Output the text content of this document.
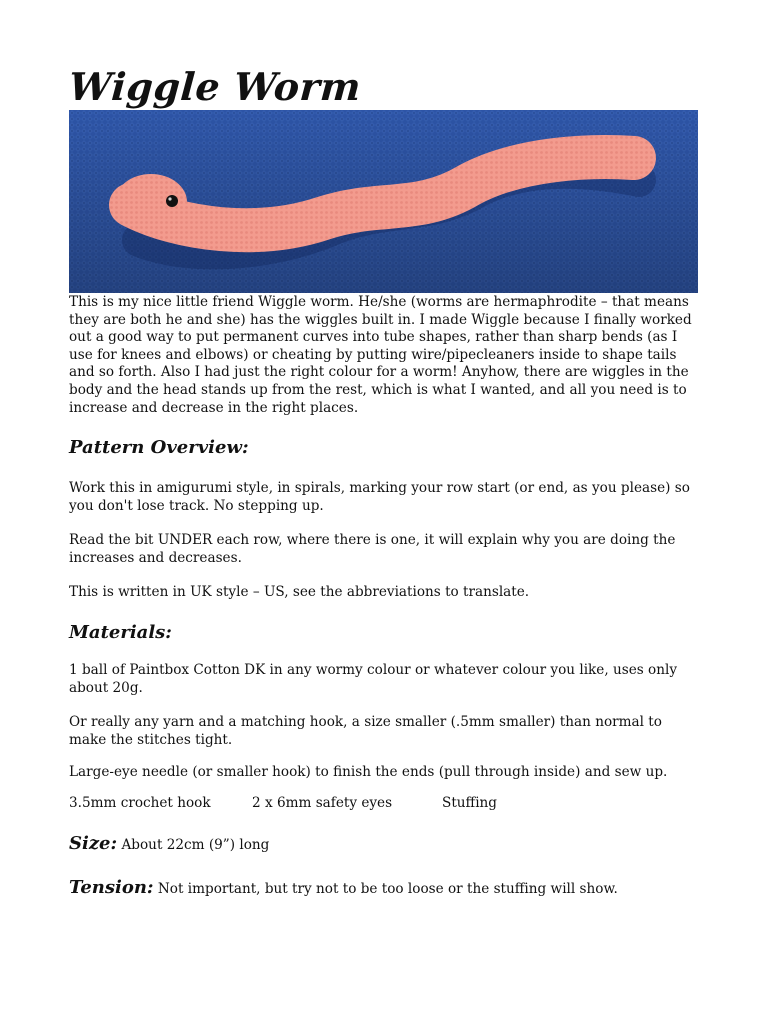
Wiggle Worm

This is my nice little friend Wiggle worm. He/she (worms are hermaphrodite – that means they are both he and she) has the wiggles built in. I made Wiggle because I finally worked out a good way to put permanent curves into tube shapes, rather than sharp bends (as I use for knees and elbows) or cheating by putting wire/pipecleaners inside to shape tails and so forth. Also I had just the right colour for a worm! Anyhow, there are wiggles in the body and the head stands up from the rest, which is what I wanted, and all you need is to increase and decrease in the right places.

Pattern Overview:

Work this in amigurumi style, in spirals, marking your row start (or end, as you please) so you don't lose track. No stepping up.

Read the bit UNDER each row, where there is one, it will explain why you are doing the increases and decreases.

This is written in UK style – US, see the abbreviations to translate.

Materials:

1 ball of Paintbox Cotton DK in any wormy colour or whatever colour you like, uses only about 20g.

Or really any yarn and a matching hook, a size smaller (.5mm smaller) than normal to make the stitches tight.

Large-eye needle (or smaller hook) to finish the ends (pull through inside) and sew up.

3.5mm crochet hook	2 x 6mm safety eyes	Stuffing
Size: About 22cm (9”) long
Tension: Not important, but try not to be too loose or the stuffing will show.
